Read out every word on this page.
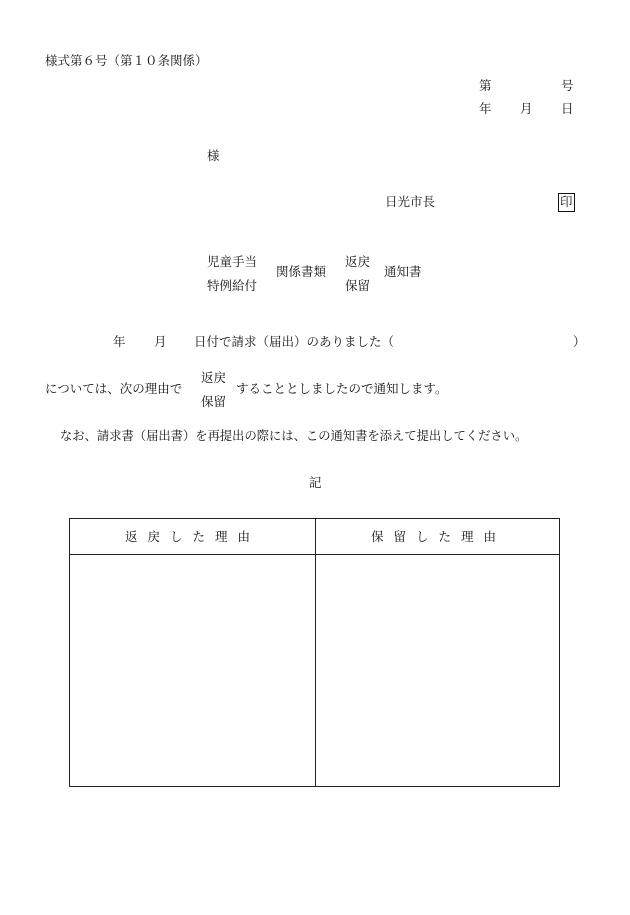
様式第６号（第１０条関係）
第	号
年 月 日
様
日光市長	印
児童手当
特例給付
関係書類
返戻
保留
通知書
年 月 日付で請求（届出）のありました（	）
については、次の理由で
返戻
保留
することとしましたので通知します。
なお、請求書（届出書）を再提出の際には、この通知書を添えて提出してください。
記
返戻した理由	保留した理由
